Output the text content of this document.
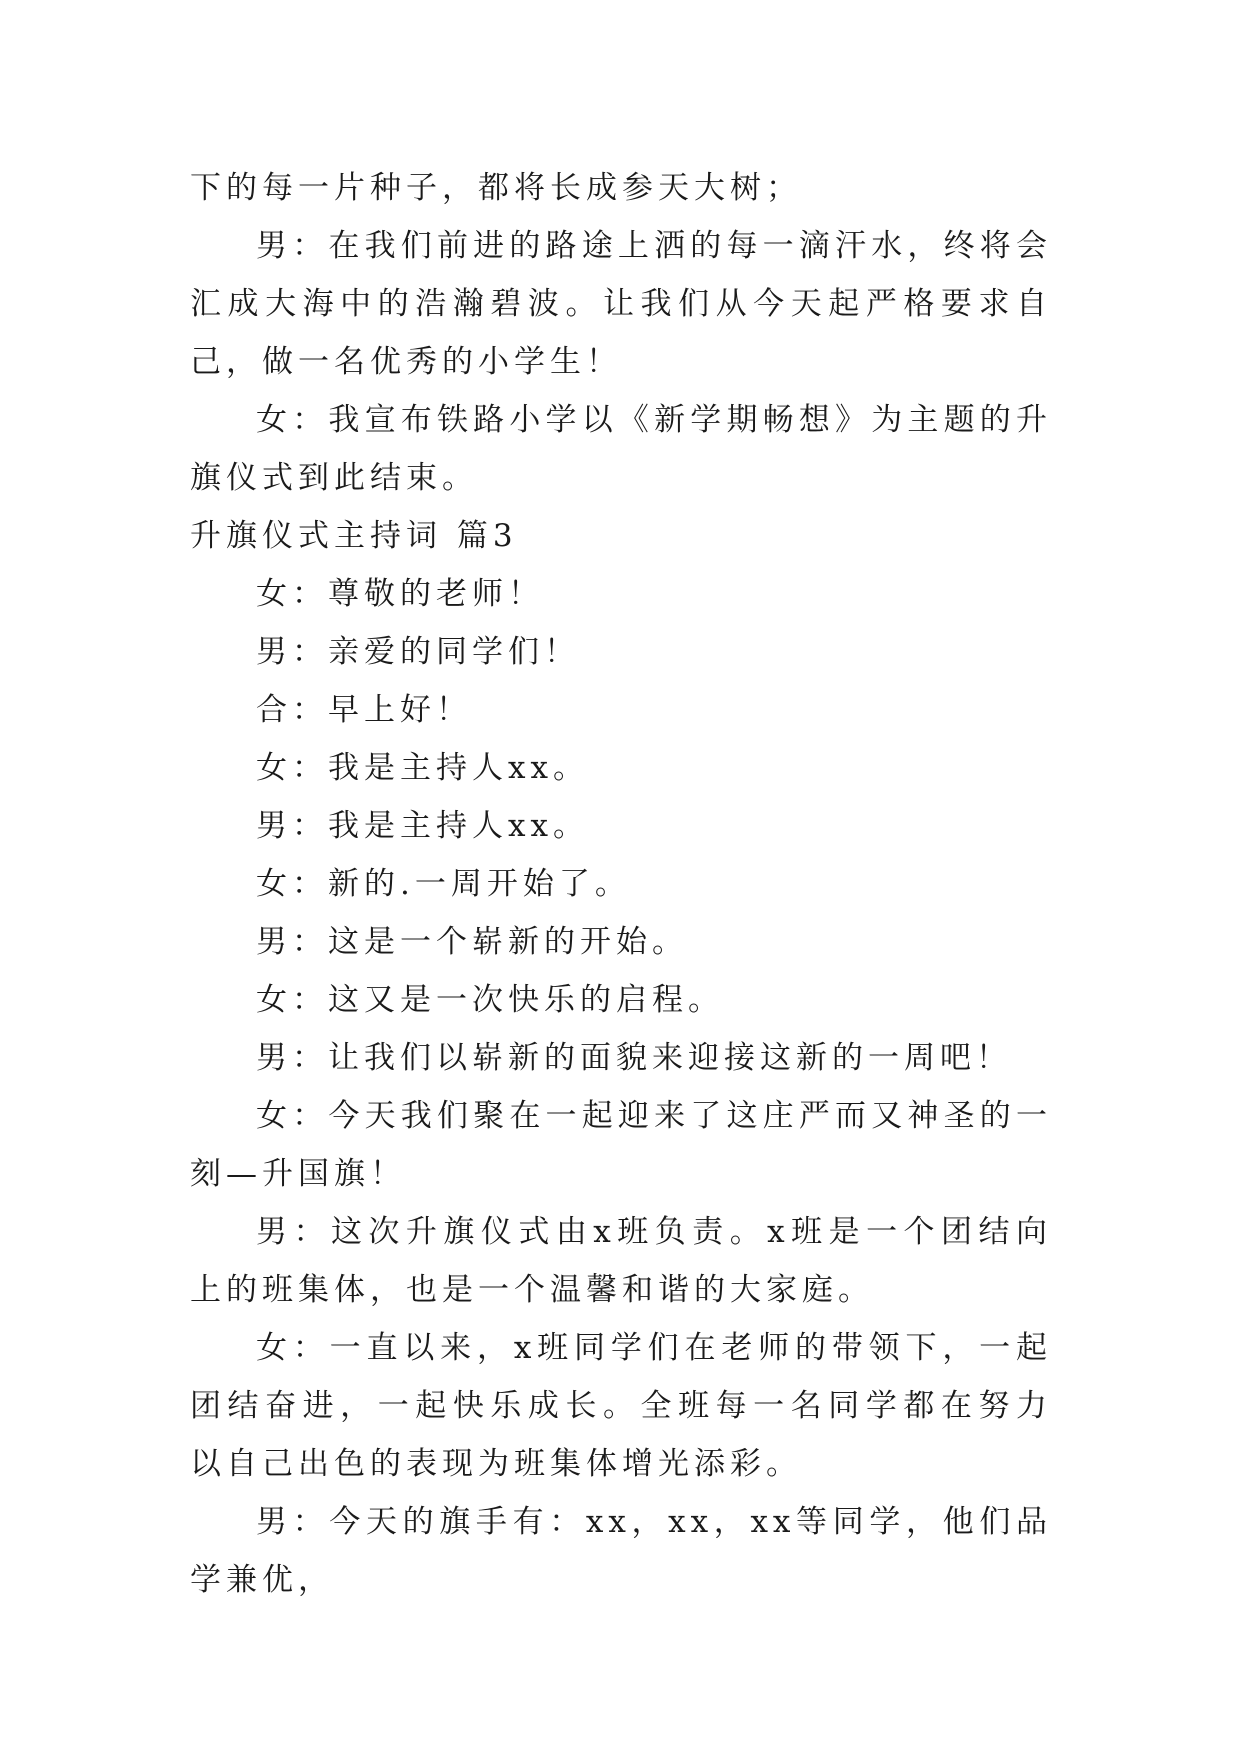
下的每一片种子，都将长成参天大树；

男：在我们前进的路途上洒的每一滴汗水，终将会汇成大海中的浩瀚碧波。让我们从今天起严格要求自己，做一名优秀的小学生！

女：我宣布铁路小学以《新学期畅想》为主题的升旗仪式到此结束。

升旗仪式主持词 篇3

女：尊敬的老师！

男：亲爱的同学们！

合：早上好！

女：我是主持人xx。

男：我是主持人xx。

女：新的.一周开始了。

男：这是一个崭新的开始。

女：这又是一次快乐的启程。

男：让我们以崭新的面貌来迎接这新的一周吧！

女：今天我们聚在一起迎来了这庄严而又神圣的一刻—升国旗！

男：这次升旗仪式由x班负责。x班是一个团结向上的班集体，也是一个温馨和谐的大家庭。

女：一直以来，x班同学们在老师的带领下，一起团结奋进，一起快乐成长。全班每一名同学都在努力以自己出色的表现为班集体增光添彩。

男：今天的旗手有：xx，xx，xx等同学，他们品学兼优，
